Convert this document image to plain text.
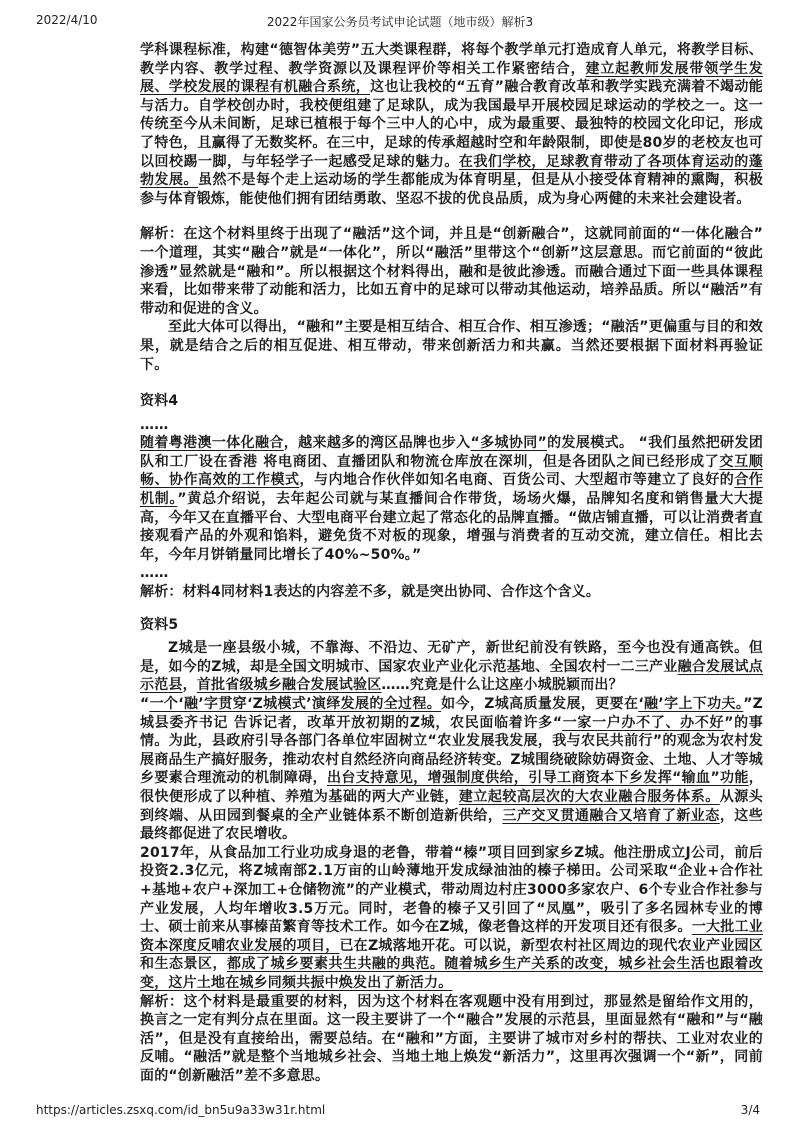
2022/4/10	2022年国家公务员考试申论试题（地市级）解析3

学科课程标准，构建“德智体美劳”五大类课程群，将每个教学单元打造成育人单元，将教学目标、教学内容、教学过程、教学资源以及课程评价等相关工作紧密结合，建立起教师发展带领学生发展、学校发展的课程有机融合系统，这也让我校的“五育”融合教育改革和教学实践充满着不竭动能与活力。自学校创办时，我校便组建了足球队，成为我国最早开展校园足球运动的学校之一。这一传统至今从未间断，足球已植根于每个三中人的心中，成为最重要、最独特的校园文化印记，形成了特色，且赢得了无数奖杯。在三中，足球的传承超越时空和年龄限制，即使是80岁的老校友也可以回校踢一脚，与年轻学子一起感受足球的魅力。在我们学校，足球教育带动了各项体育运动的蓬勃发展。虽然不是每个走上运动场的学生都能成为体育明星，但是从小接受体育精神的熏陶，积极参与体育锻炼，能使他们拥有团结勇敢、坚忍不拔的优良品质，成为身心两健的未来社会建设者。

解析：在这个材料里终于出现了“融活”这个词，并且是“创新融合”，这就同前面的“一体化融合”一个道理，其实“融合”就是“一体化”，所以“融活”里带这个“创新”这层意思。而它前面的“彼此渗透”显然就是“融和”。所以根据这个材料得出，融和是彼此渗透。而融合通过下面一些具体课程来看，比如带来带了动能和活力，比如五育中的足球可以带动其他运动，培养品质。所以“融活”有带动和促进的含义。

至此大体可以得出，“融和”主要是相互结合、相互合作、相互渗透；“融活”更偏重与目的和效果，就是结合之后的相互促进、相互带动，带来创新活力和共赢。当然还要根据下面材料再验证下。

资料4

……

随着粤港澳一体化融合，越来越多的湾区品牌也步入“多城协同”的发展模式。 “我们虽然把研发团队和工厂设在香港 将电商团、直播团队和物流仓库放在深圳，但是各团队之间已经形成了交互顺畅、协作高效的工作模式，与内地合作伙伴如知名电商、百货公司、大型超市等建立了良好的合作机制。”黄总介绍说，去年起公司就与某直播间合作带货，场场火爆，品牌知名度和销售量大大提高，今年又在直播平台、大型电商平台建立起了常态化的品牌直播。“做店铺直播，可以让消费者直接观看产品的外观和馅料，避免货不对板的现象，增强与消费者的互动交流，建立信任。相比去年，今年月饼销量同比增长了40%~50%。”

……

解析：材料4同材料1表达的内容差不多，就是突出协同、合作这个含义。

资料5

Z城是一座县级小城，不靠海、不沿边、无矿产，新世纪前没有铁路，至今也没有通高铁。但是，如今的Z城，却是全国文明城市、国家农业产业化示范基地、全国农村一二三产业融合发展试点示范县，首批省级城乡融合发展试验区……究竟是什么让这座小城脱颖而出？

“一个‘融’字贯穿‘Z城模式’演绎发展的全过程。如今，Z城高质量发展，更要在‘融’字上下功夫。”Z城县委齐书记 告诉记者，改革开放初期的Z城，农民面临着许多“一家一户办不了、办不好”的事情。为此，县政府引导各部门各单位牢固树立“农业发展我发展，我与农民共前行”的观念为农村发展商品生产搞好服务，推动农村自然经济向商品经济转变。Z城围绕破除妨碍资金、土地、人才等城乡要素合理流动的机制障碍，出台支持意见，增强制度供给，引导工商资本下乡发挥“输血”功能，很快便形成了以种植、养殖为基础的两大产业链，建立起较高层次的大农业融合服务体系。从源头到终端、从田园到餐桌的全产业链体系不断创造新供给，三产交叉贯通融合又培育了新业态，这些最终都促进了农民增收。

2017年，从食品加工行业功成身退的老鲁，带着“榛”项目回到家乡Z城。他注册成立J公司，前后投资2.3亿元，将Z城南部2.1万亩的山岭薄地开发成绿油油的榛子梯田。公司采取“企业+合作社+基地+农户+深加工+仓储物流”的产业模式，带动周边村庄3000多家农户、6个专业合作社参与产业发展，人均年增收3.5万元。同时，老鲁的榛子又引回了“凤凰”，吸引了多名园林专业的博士、硕士前来从事榛苗繁育等技术工作。如今在Z城，像老鲁这样的开发项目还有很多。一大批工业资本深度反哺农业发展的项目，已在Z城落地开花。可以说，新型农村社区周边的现代农业产业园区和生态景区，都成了城乡要素共生共融的典范。随着城乡生产关系的改变，城乡社会生活也跟着改变，这片土地在城乡同频共振中焕发出了新活力。

解析：这个材料是最重要的材料，因为这个材料在客观题中没有用到过，那显然是留给作文用的，换言之一定有判分点在里面。这一段主要讲了一个“融合”发展的示范县，里面显然有“融和”与“融活”，但是没有直接给出，需要总结。在“融和”方面，主要讲了城市对乡村的帮扶、工业对农业的反哺。“融活”就是整个当地城乡社会、当地土地上焕发“新活力”，这里再次强调一个“新”，同前面的“创新融活”差不多意思。

https://articles.zsxq.com/id_bn5u9a33w31r.html	3/4
